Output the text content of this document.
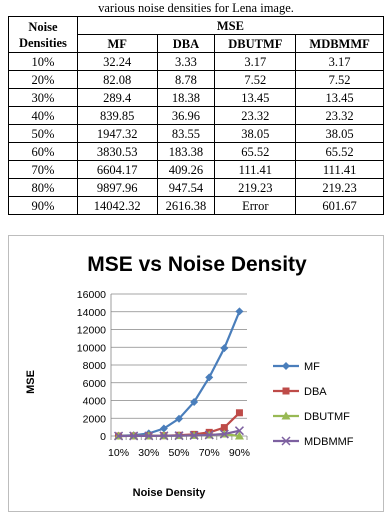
various noise densities for Lena image.
Noise
Densities	MSE			
	MF	DBA	DBUTMF	MDBMMF
10%	32.24	3.33	3.17	3.17
20%	82.08	8.78	7.52	7.52
30%	289.4	18.38	13.45	13.45
40%	839.85	36.96	23.32	23.32
50%	1947.32	83.55	38.05	38.05
60%	3830.53	183.38	65.52	65.52
70%	6604.17	409.26	111.41	111.41
80%	9897.96	947.54	219.23	219.23
90%	14042.32	2616.38	Error	601.67
MSE vs Noise Density
Noise Density
MSE
0
2000
4000
6000
8000
10000
12000
14000
16000
10% 30% 50% 70% 90%
MF
DBA
DBUTMF
MDBMMF
